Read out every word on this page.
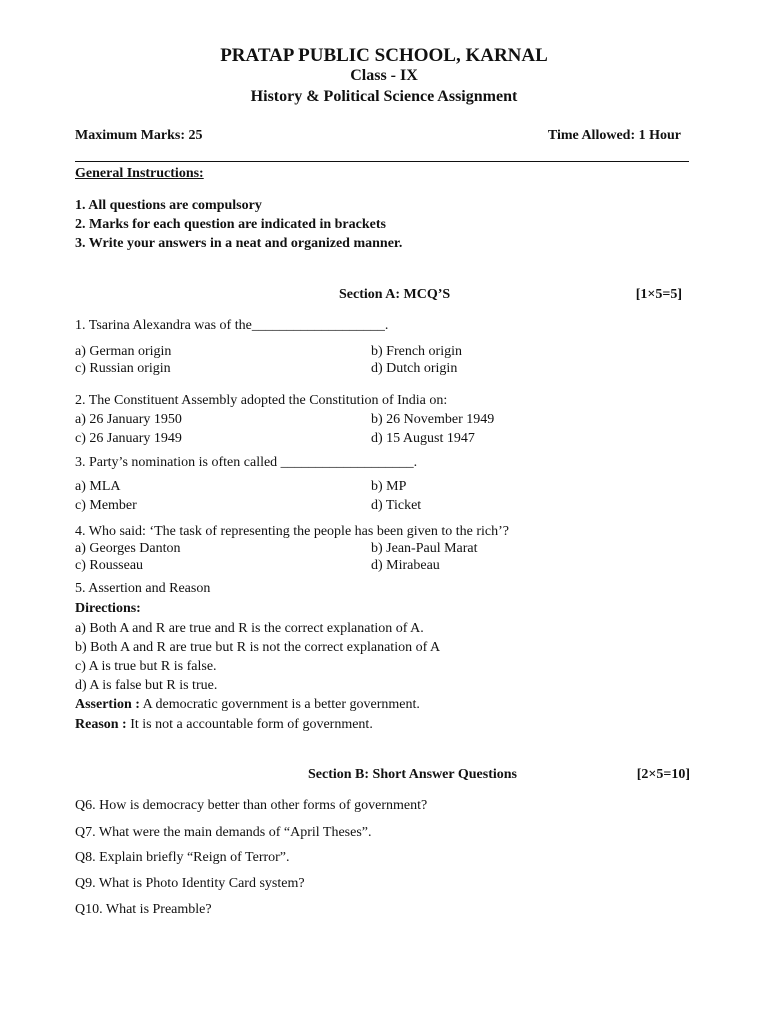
PRATAP PUBLIC SCHOOL, KARNAL
Class - IX
History & Political Science Assignment
Maximum Marks: 25	Time Allowed: 1 Hour
General Instructions:
1. All questions are compulsory
2. Marks for each question are indicated in brackets
3. Write your answers in a neat and organized manner.
Section A: MCQ’S	[1×5=5]
1. Tsarina Alexandra was of the___________________.
a) German origin	b) French origin
c) Russian origin	d) Dutch origin
2. The Constituent Assembly adopted the Constitution of India on:
a) 26 January 1950	b) 26 November 1949
c) 26 January 1949	d) 15 August 1947
3. Party’s nomination is often called ___________________.
a) MLA	b) MP
c) Member	d) Ticket
4. Who said: ‘The task of representing the people has been given to the rich’?
a) Georges Danton	b) Jean-Paul Marat
c) Rousseau	d) Mirabeau
5. Assertion and Reason
Directions:
a) Both A and R are true and R is the correct explanation of A.
b) Both A and R are true but R is not the correct explanation of A
c) A is true but R is false.
d) A is false but R is true.
Assertion : A democratic government is a better government.
Reason : It is not a accountable form of government.
Section B: Short Answer Questions	[2×5=10]
Q6. How is democracy better than other forms of government?
Q7. What were the main demands of “April Theses”.
Q8. Explain briefly “Reign of Terror”.
Q9. What is Photo Identity Card system?
Q10. What is Preamble?
